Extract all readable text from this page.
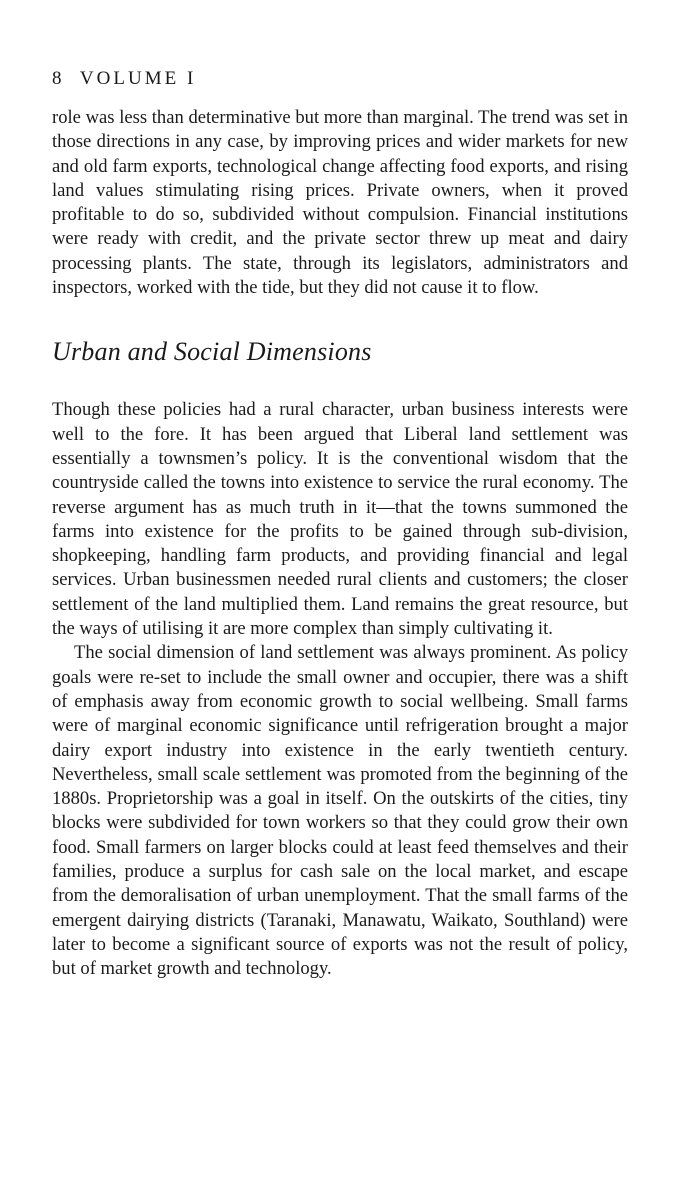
8 VOLUME I

role was less than determinative but more than marginal. The trend was set in those directions in any case, by improving prices and wider markets for new and old farm exports, technological change affecting food exports, and rising land values stimulating rising prices. Private owners, when it proved profitable to do so, subdivided without compulsion. Financial institutions were ready with credit, and the private sector threw up meat and dairy processing plants. The state, through its legislators, administrators and inspectors, worked with the tide, but they did not cause it to flow.

Urban and Social Dimensions

Though these policies had a rural character, urban business interests were well to the fore. It has been argued that Liberal land settlement was essentially a townsmen’s policy. It is the conventional wisdom that the countryside called the towns into existence to service the rural economy. The reverse argument has as much truth in it—that the towns summoned the farms into existence for the profits to be gained through sub-division, shopkeeping, handling farm products, and providing financial and legal services. Urban businessmen needed rural clients and customers; the closer settlement of the land multiplied them. Land remains the great resource, but the ways of utilising it are more complex than simply cultivating it.

The social dimension of land settlement was always prominent. As policy goals were re-set to include the small owner and occupier, there was a shift of emphasis away from economic growth to social wellbeing. Small farms were of marginal economic significance until refrigeration brought a major dairy export industry into existence in the early twentieth century. Nevertheless, small scale settlement was promoted from the beginning of the 1880s. Proprietorship was a goal in itself. On the outskirts of the cities, tiny blocks were subdivided for town workers so that they could grow their own food. Small farmers on larger blocks could at least feed themselves and their families, produce a surplus for cash sale on the local market, and escape from the demoralisation of urban unemployment. That the small farms of the emergent dairying districts (Taranaki, Manawatu, Waikato, Southland) were later to become a significant source of exports was not the result of policy, but of market growth and technology.
